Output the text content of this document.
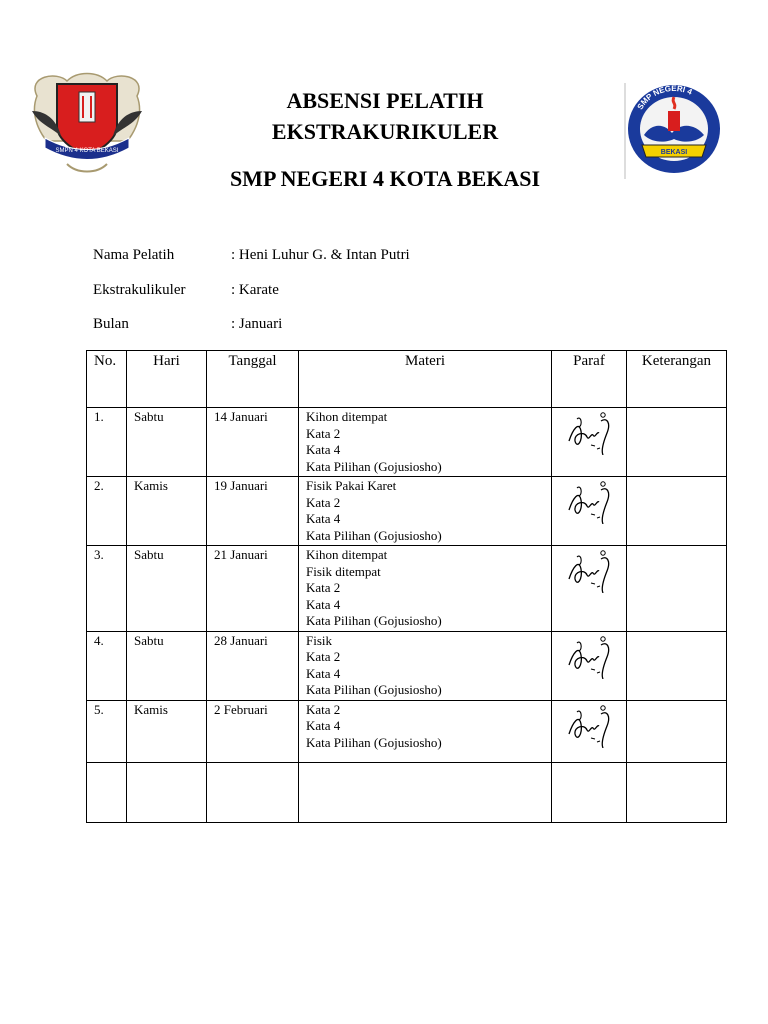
SMPN 4 KOTA BEKASI	BEKASI
SMP NEGERI 4
ABSENSI PELATIH
EKSTRAKURIKULER
SMP NEGERI 4 KOTA BEKASI
Nama Pelatih	: Heni Luhur G. & Intan Putri
Ekstrakulikuler	: Karate
Bulan	: Januari
No.	Hari	Tanggal	Materi	Paraf	Keterangan
1.	Sabtu	14 Januari	Kihon ditempat
Kata 2
Kata 4
Kata Pilihan (Gojusiosho)

2.	Kamis	19 Januari	Fisik Pakai Karet
Kata 2
Kata 4
Kata Pilihan (Gojusiosho)

3.	Sabtu	21 Januari	Kihon ditempat
Fisik ditempat
Kata 2
Kata 4
Kata Pilihan (Gojusiosho)

4.	Sabtu	28 Januari	Fisik
Kata 2
Kata 4
Kata Pilihan (Gojusiosho)

5.	Kamis	2 Februari	Kata 2
Kata 4
Kata Pilihan (Gojusiosho)
